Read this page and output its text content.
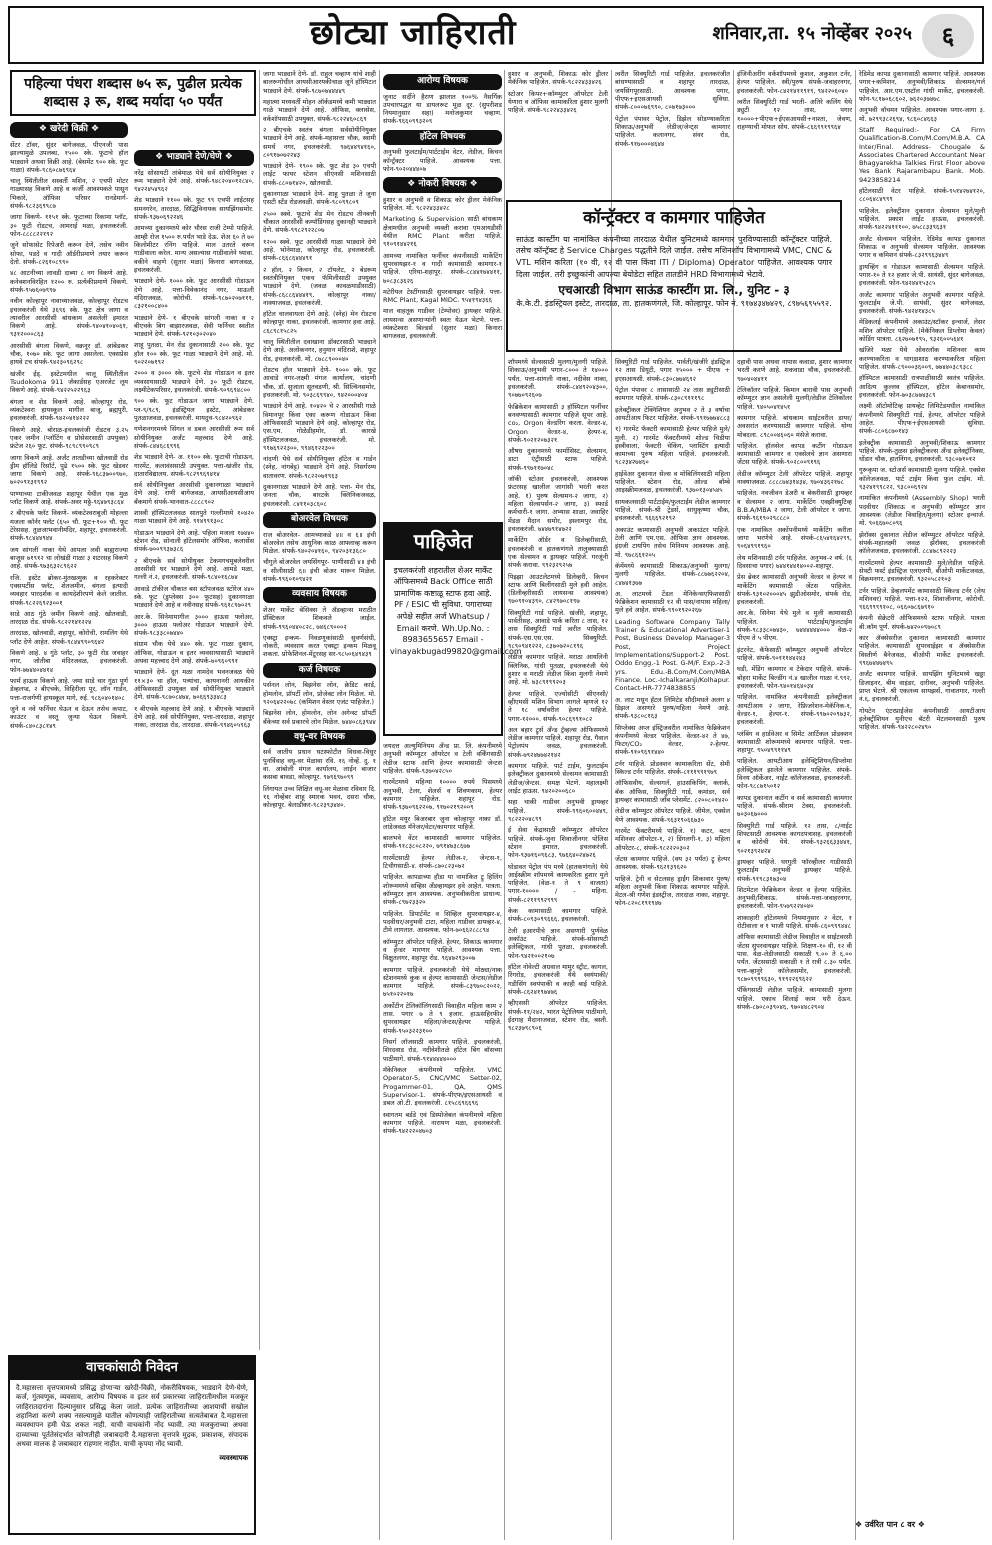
छोट्या जाहिराती	शनिवार,ता. १५ नोव्हेंबर २०२५	६
पहिल्या पंधरा शब्दास ७५ रू, पुढील प्रत्येक शब्दास ३ रू, शब्द मर्यादा ५० पर्यंत
❖ खरेदी विक्री ❖
सेंटर टॉवर, सुंदर बागेजवळ, पीएनजी पास झाल्यामुळे उपलब्ध, १५०० स्के. फूटाचे हॉल भाड्याने अथवा विक्री आहे. (बेसमेंट ९०० स्के. फूट गाळा) संपर्क-९८६०८७६९६४
चालू स्थितीतील सस्वर्ती मशिन, २ एचपी मोटर गाळ्यासह विकणे आहे व कर्जी आवश्यकते पासून भिकारे, ऑफिस परिसर रानडेमार्ग-संपर्क-९८२३६९९८७
जागा विकणे- ११५१ स्के. फूटाच्या रिकामा प्लॉट, ३० फूटी रोडटच, आमराई मळा, इचलकरंजी. फोन-८८८८२२१९२
जुने सोफासेट रिपेअरी करून देणे, तसेच नवीन सोफा, पडदे व गादी ऑर्डरीप्रमाणे तयार करून देतो. संपर्क-८२६१०८९९०
४८ आटनीच्या लावडी दाब्या ८ नग विकणे आहे. कनेक्शनविरहित १२०० रु. प्रत्येकीप्रमाणे विकणे. संपर्क-९५७६०७९९७
नवीन कोल्हापूर नावाच्याजवळ, कोल्हापूर रोडटच इचलकरंजी येथे ३६९६ स्के. फूट क्षेत्र जागा व त्यावरील आरसीसी बांधकाम असलेली इमारत विकणे आहे. संपर्क-९४०४१०४०६१, ९३१२०००८६३
आरसीसी बंगला विकणे, वक्रनूर डॉ. आंबेडकर चौक, १०७० स्के. फूट जागा असलेला. एक्सप्रेस हायवे टच संपर्क-९४२३०९६२९८
खंजीर ईड्. इस्टेटमधील चालू स्थितीतील Tsudokoma 911 जॅकार्डसह एअरजेट लूम विकणे आहे. संपर्क-९४२२५२२९६३
बंगला व शेड विकणे आहे. कोल्हापूर रोड, व्यंकटेश्वरा हायस्कूल मागील बाजू, ब्रह्मपुरी, इचलकरंजी. संपर्क-९४२०४१४२२२
विकणे आहे. बोराळ-इचलकरंजी रोडटच ३.२५ एकर जमीन (प्लॉटिंग व प्रोसेसरसाठी उपयुक्त) फ्रंटेज २६० फूट. संपर्क-९८९८९९०९८९
जागा विकणे आहे. अर्जंट तातडीच्या खोतवाडी रोड ड्रीम हॉलिडे रिसॉर्ट, पुढे १५०० स्के. फूट खेडवर जागा विकणे आहे. संपर्क-९६८३७००९७०, ७०२०९१३१९९२
पाण्याच्या टाकीजवळ शहापूर येथील एक मुळ प्लॉट विकणे आहे. संपर्क-अवर मठ्ठे-९६४७९३८६४
२ बीएचके फ्लॅट विकणे- व्यंकटेश्वराबुजी मोहल्ला मजला कॉर्नर फ्लॅट (६५० चौ. फूट+१०० चौ. फूट टेरेससह. तुळजाभवानीमंदिर, शहापूर, इचलकरंजी. संपर्क-९८४४४९४४
जय सांगली नाका येथे आपला लवी बाह्यराज्या बाजूस ७१९१२ चा लोखंडी गाळा ३ शटरसह विकणे आहे. संपर्क-९७३६३२८९६२२
रजि. इस्टेट ब्रोकर-मुंतखत्मुक व रहकरेक्टर एक्सपर्टीस फ्लॅट, शेतजमीन, बंगला इत्यादी व्यवहार पारदर्शक व कायदेशीरपणे केले जातील. संपर्क-९८२२६९२३००१
साडे आठ गुंठे जमीन विकणे आहे. खोतवाडी, तारदाळ रोड. संपर्क-९८२२१४१२२४
तारदाळ, खोतवाडी, शहापूर, कोरोची, रामलिंग येथे प्लॉट देणे आहेत. संपर्क-९८४४९९०९६४२
विकणे आहे. ४ गुंठे प्लॉट, ३० फूटी रोड जवाहर नगर, जोतीबा मंदिरजवळ, इचलकरंजी. फोन-७७४४०४४१४
फार्म हाऊस विकणे आहे. जमा साडे चार गुंठा पूर्ण डेव्हलप्ड, २ बीएचके, विहिरीला पूर, लॉन गार्डन, पत्ता-राजर्गणी हायस्कूल मागे, रुई. ९८६०४०१४०८
जुने व नवे फर्निचर घेऊन व देऊन तसेच कपाट, काउंटर व वस्तू जुन्या घेऊन विकणे. संपर्क-८४०८३८१४९
❖ भाड्याने देणे/घेणे ❖
नरेंद्र सोसायटी तांबेमाळ येथे सर्व सोयीनियुक्त २ रूम भाड्याने देणे आहे. संपर्क-९४८२०४०१२८४०, ९४२२४५४९६२
शेड भाड्याने ११०० स्के. फूट ९९ एचपी लाईटसह समनगरेन, तारदाळ, सिद्धिविनायक सायझिंगसमोर. संपर्क-९३७०६९२२४६
आमच्या दुकानमध्ये कोर चौरस राजी टेम्पो पाहिजे. आम्ही रोज १५०० रु.पर्यंत भाडे देऊ. शेअ ६० ते ७० किलोमीटर रनिंग पाहिजे. माल उतरते वरून गाडीवाला करेल. मान्य असल्यास गाडीवालेने घ्यावा. वकीने वाहणे (सुतार मळा) किनारा बागजवळ, इचलकरंजी.
भाड्याने देणे- १००० स्के. फूट आरसीसी गोडाऊन देणे आहे. पत्ता-विवेकानंद नगर, माऊली मंदिराजवळ, कोरोची. संपर्क-९८७०२०७१११, ८३२१००८४००
भाड्याने देणे- १ बीएचके सांगली नाका व २ बीएचके बिग बाझारजवळ, सेवी फर्निचर स्वतीत भाड्याने देणे. संपर्क-९२१०३०२०४०
शाहू पुतळा, मेन रोड दुकानासाठी २०० स्के. फूट हॉल १०० स्के. फूट गाळा भाड्याने देणे आहे. मो. ९०२२०७१९२
२००० व ३००० स्के. फूटचे शेड गोडाऊन व इतर व्यवसायासाठी भाड्याने देणे. ३० फूटी रोडटच, लक्ष्मीटेकपरिसर, इचलकरंजी. संपर्क-९०९६९४८००
९०० स्के. फूट गोडाऊन जागा भाड्याने देणे. प्ल-९/९८९, इंडस्ट्रियल इस्टेट, आंबेडकर पुतळाजवळ, इचलकरंजी. मायदुच-९८४२०९६२
गणेशनगरमध्ये सिंगल व डबल आरसीसी रूम सर्व सोयीनियुक्त अर्जंट महत्त्वाद देणे आहे. संपर्क-८४४६८६९९६
शेड भाड्याने देणे- अ. ११०० स्के. फूटाची गोडाऊन, गारमेंट, कलावंससाठी उपयुक्त. पत्ता-खंजीर रोड, दातारविद्यालय. संपर्क-९८२९९६९४१४
सर्व सोयीनियुक्त आरसीसी दुकानगाळा भाड्याने देणे आहे. राणी बागेजवळ, आयसीआयसीआय बँकमागे संपर्क-भानवात-८८८८९०२
शास्त्री हॉस्पिटलजवळ सातपुते गल्लीमध्ये १०४२० गाळा भाड्याने देणे आहे. ९१४९९१३०८
गोडाऊन भाड्याने देणे आहे. पहिला मजला १७४४० स्टेशन रोड, सोनाली हॉटेलसमोर ऑफिस, कलासेंस संपर्क-७००९९३७३८६
२ बीएचके सर्व सोयीयुक्त टेकमगचमुबलेवरील आरसीसी घर भाड्याने देणे आहे. आमडे मळा, गल्ली नं.२, इचलकरंजी. संपर्क-९८४०१६८७४
आवाडे टॉकीज चौकात बस स्टॉपजवळ स्टोरेज ४४० स्के. फूट (डुप्लेक्स ३०० फूटसह) दुकानगाळा भाड्याने देणे आहे व नवीनसह संपर्क-९६१८९७०२९
आर.के. सिनेमामागील ३००० हाऊस फ्लोअर, ३००० हाऊस फ्लोअर गोडाऊन भाड्याने देणे. संपर्क-९८३३८०७४४०
संग्राम चौक येथे ४४० स्के. फूट गाळा दुकान, ऑफिस, गोडाऊन व इतर व्यवसायासाठी भाड्याने अथवा महत्त्वाद देणे आहे. संपर्क-७०९६०९९१
भाड्याने देणे- दूत मळा नामदेव भवनजवळ येथे ११×३० चा हॉल, पत्र्यांचा, कायनानरी आयकीन ऑफिससाठी उपयुक्त सर्व सोयीनियुक्त भाड्याने देणे. संपर्क-९८७०८४७४, ७०६६९३३४८३
१ बीएचके महत्त्वाद देणे आहे. १ बीएचके भाड्याने देणे आहे. सर्व सोयीनियुक्त, पत्ता-तारदाळ, शहापूर नाका, तारदाळ रोड, तारदाळ. संपर्क-९९४६०५९६३
जागा भाड्याने देणे- डॉ. राहुल चव्हाण यांचे शाही बालरूगोधील आयसीआरयकीचाळ जूने हॉस्पिटल भाड्याने देणे. संपर्क-९८७०७४४४४९
महात्मा मध्यवर्ती मोहन ऑर्कडमध्ये कमी भाड्यात गाळे भाड्याने देणे आहे. ऑफिस, क्लासेस, वर्कशॉपसाठी उपयुक्त. संपर्क-९८२२४६०८६९
२ बीएचके स्वतंत्र बंगला सर्वसोयीनियुक्त भाड्याने देणे आहे. संपर्क-महासत्ता चौक, स्वामी समर्थ नगर, इचलकरंजी. ९७६४४९४१६०, ८०९१७०७२२४३
भाड्याने देणे- १९०० स्के. फूट शेड ३० एचपी लाईट फायर स्टेशन सीएनसी मशिनसाठी संपर्क-८८०७१४२०, खोतवाडी.
दुकानगाळा भाड्याने देणे- शाहू पुतळा ते जुना एसटी स्टॅंड रोडजवळी. संपर्क-९८०९९८०९
२५०० स्क्वे. फूटाचे शेड मेन रोडटच तीनबत्ती चौकात आरसीसी कम्पॉडिंगसह दुकानही भाड्याने देणे. संपर्क-९९८२९२२८०७
१२०० स्क्वे. फूट आरसीसी गाळा भाड्याने देणे आहे. भोनेमाळ, कोल्हापूर रोड, इचलकरंजी. संपर्क-८६६८६४४४९१
२ हॉल, २ किचन, २ टॉयलेट, २ बेडरूम स्वतंत्रीनियुक्त एकच फॅमिलीसाठी उपयुक्त भाड्याने देणे. (जवळ कावळमाडीसाठी) संपर्क-८६८८६४४४१९, कोल्हापूर नाका/नाक्याजवळ, इचलकरंजी.
हॉटेल चालवायला देणे आहे. (स्नेह) मेन रोडटच कोल्हापूर नाका, इचलकरंजी. कामगार हवा आहे. ८६८९८१५८२५
चालू स्थितीतील दवाखाना डॉक्टरसाठी भाड्याने देणे आहे. अलोकनगर, हनुमान मंदिराशे, शहापूर रोड, इचलकरंजी. मो. ८७८८९०००४०
रोडटच हॉल भाड्याने देणे- १००० स्के. फूट आवाडे नगर-लक्ष्मी मंगल कार्यालय, चांदणी चौक, डॉ. सुजाता सूतवडणी, श्री. सिल्विनसमोर, इचलकरंजी. मो. ९०३८६९९४०, ९४२०००४०४
भाड्याने देणे आहे. १०४२० चे २ आरसीसी गाळे विमानपूर किंवा एका करूण गोडाऊन किंवा ऑफिससाठी भाड्याने देणे आहे. कोल्हापूर रोड, एस.एम. गोळेडीहमोर, डॉ. कारखे हॉस्पिटलजवळ, इचलकरंजी. मो. ९१७६९२२३००, ९९४६१२२३००
नांदणी येथे सर्व सोयीनियुक्त हॉटेल व गार्डन (स्नेह, नांगबेट्ट) भाड्याने देणे आहे. निसर्गरम्य वातावरण. संपर्क-९८२२०७१९६३
दुकानगाळा भाड्याने देणे आहे. पत्ता- मेन रोड, जनता चौक, बारटके क्लिनिकजवळ, इचलकरंजी. ८४११०३८६०८
बोअरवेल विषयक
राज बोअरवेल- आमच्याकडे ४॥ व ६॥ इंची बोअरवेल तसेच आधुनिक काळ आफ्लाव्ह करून मिळेल. संपर्क-९४०२०४१६०, ९४२०३१३६८०
चौगुले बोअरवेल जयसिंगपूर- पाणीसाठी ४॥ इंची व सीलीसाठी ६॥ इंची बोअर मारून मिळेल. संपर्क-९९६०१०९४२१
व्यवसाय विषयक
शेअर मार्केट बेसिक्स ते ॲडव्हान्स मराठीत प्रॅक्टिकल शिकवले जाईल. संपर्क-९९६०४४०८२८, ७४६८९०००२
एक्स्ट्रा इन्कम- निवडणूकांसाठी सुवर्णसंधी, नोकरी, व्यवसाय करत एक्स्ट्रा इन्कम मिळवू शकता. प्रोफेशिनल-मेंटूरसह सर-९८५०६४९४३९
कर्ज विषयक
पर्सनल लोन, बिझनेस लोन, क्रेडिट कार्ड, होमलोन, प्रॉपर्टी लोन, प्रोजेक्ट लोन मिळेल. मो. ९२०६४२२०७८ (कमिशन वेस्तर एजंट पाहिजेत.)
बिझनेस लोन, होमलोन, लोन अगेन्स्ट प्रॉपर्टी बँकेच्या सर्व प्रकारचे लोन मिळेल. ७४४०८६३९४४
वधु-वर विषयक
सर्व जातीय प्रधान घटस्फोटीत विधवा-विधुर पुनर्विवाह वधू-वर मेळावा रवि. १६ नोव्हें. दु. १ वा. आंबोली मंगल कार्यालय, लाईन बाजार कसबा बावडा, कोल्हापूर. ९७९६९७०९९
लिंगायत उच्च शिक्षित वधू-वर मेळावा रविवार दि. १६ नोव्हेंबर शाहू स्मारक भवन, दसरा चौक, कोल्हापूर. बेलाडीकर-९८२३९३४४०.
आरोग्य विषयक
जुनाट सर्दीने हैराण झालात १००% नैसर्गिक उपचारपद्धत या डायलरूट मूळ दूर. (सुपरीशड नियमानुसार सहा) मनोजकुमार चव्हाण. संपर्क-९६६०९९३२०९
हॉटेल विषयक
अनुभवी फुलटाईम/पार्टटाईम वेटर, लेडीज, किचन कॉन्ट्रॅक्टर पाहिजे. आवश्यक पत्ता. फोन-९०२०४४४०७
❖ नोकरी विषयक ❖
हुशार व अनुभवी व शिकाऊ कोर ड्रीलर मेकॅनिक पाहिजेत. मो. ९८२२४३३४२८
Marketing & Supervision साठी बांधकाम क्षेत्रामधील अनुभवी व्यक्ती करावा एमआयडीसी येथील RMC Plant करीता पाहिजे. ९१०९१४४२१६
आमच्या नामांकित फर्नीचर कंपनीसाठी मार्केटिंग सुपरवायझर-१ व गादी कामासाठी कामगार-१ पाहिजे. एरिया-शहापूर. संपर्क-८८४४१७४४११, ७०८३८३६२६
मटेरीयल टेस्टींगसाठी सुपरवायझर पाहिजे. पत्ता-RMC Plant, Kagal MIDC. ९५४१९४३६६
माल वाहतूक गाडीवर (टेम्पोवर) ड्रायव्हर पाहिजे. लायसन्स असणाऱ्यांनी स्वतः येऊन भेटणे. पत्ता-व्यंकटेश्वरा बिल्डर्स (सुतार मळा) किनारा बागजवळ, इचलकरंजी.
पाहिजेत

इचलकरंजी शहरातील शेअर मार्केट ऑफिसमध्ये Back Office साठी प्रामाणिक कष्टाळू स्टाफ हवा आहे. PF / ESIC ची सुविधा. पगाराच्या अपेक्षे सहीत अर्ज Whatsup / Email करणे. Wh.Up.No. : 8983655657 Email - vinayakbugad99820@gmail.com

जयदत्त अल्युमिनियम अँन्ड प्रा. लि. कंपनीमध्ये अनुभवी कॉम्प्युटर ऑपरेटर व टेली वर्किंगसाठी लेडीज स्टाफ आणि हेल्पर कामासाठी जेन्टस पाहिजेत. संपर्क-९३७०४२८५०
गारमेंटमध्ये महिन्या १०००० रुपये पिसमध्ये अनुभवी, टेलर, शेलर्स व शिवणकाम, हेल्पर कामगार पाहिजेत. शहापूर रोड. संपर्क-९३७०९६२२०७, ९१७०२१९२००९
हॉटेल मयूर बिअरबार जुना कोल्हापूर नाका डॉ. लांडेजवळ मॅनेजर/वेटर/कामगार पाहिजे.
बालभवे वेंटर कामासाठी कामगार पाहिजेत. संपर्क-९१८३८०८२२०, ७९१४७३८६७७
गारमेंटसाठी हेल्पर लेडीज-२, जेन्टस-१, टिचीगसाठी-४. संपर्क-८७०८२३०७२
पाहिजेत. कापडाच्या हौडा या नामांकित ट्रू हिलिंग शोरूममध्ये सव्हिस अँडव्हायझर हवे आहेत. पात्रता. कॉम्प्युटर ज्ञान आवश्यक. अनुभवीकरीता प्राधान्य. संपर्क-८९७२३३२०
पाहिजेत. डिपार्टमेंट व सिव्हिल सुपरवायझर-४, पदवीधर/अनुभवी टाटा, महिला गाडीवर डायव्हर-४, टीमे लागतात. आवश्यक. फोन-७०६६२८८८९४
कॉम्प्युटर ऑपरेटर पाहिजे. हेल्पर, शिकाऊ कामगार व हेंन्डर मारणार पाहिजे. आवश्यक पत्ता. विक्षुतलगर, शहापूर रोड. ९६४७२९३००७
कामगार पाहिजे. इचलकरंजी येथे मोठ्या/नाक स्टेशनमध्ये कुक व हेल्पर कामासाठी जेन्टस/लेडीज कामगार पाहिजे. संपर्क-८३९७०८२०२२, ७५१०२२०१७
अर्कोटीन टेलिकॉलिंगसाठी विवाहीत महिला काम २ तास. पगार ७ ते ९ हजार. हाऊसहिरफीर सुपरवायझर महिला/जेन्टस/हेल्पर पाहिजे. संपर्क-९५०३२२३१००
निसर्ग लॉजसाठी कामगार पाहिजे. इचलकरंजी, शिरदवाड रोड, नदीवेशीतळे हॉटेल बिंग बॉसच्या पाठीमागे. संपर्क-९१४४४४४०००
मॅकेनिकल कंपनीमध्ये पाहिजेत. VMC Operator-5, CNC/VMC Setter-02, Progammer-01, QA, QMS Supervisor-1. संपर्क-पीएफ/इएसआयसी व डबल ओ.टी. इचलकरंजी. ८१५८६९६६९६
स्वागतम बर्डडे एवं डिस्पोजेबल कंपनीमध्ये महिला कामगार पाहिजे. नारायण मळा, इचलकरंजी. संपर्क-९४२२२०४७०३
कॉन्ट्रॅक्टर व कामगार पाहिजेत

साऊंड कास्टींग या नामांकित कंपनीच्या तारदाळ येथील युनिटमध्ये कामगार पुरविण्यासाठी कॉन्ट्रॅक्टर पाहिजे. तसेच कॉन्ट्रॅक्ट हे Service Charges पद्धतीने दिले जाईल. तसेच मशिनशॉप विभागामध्ये VMC, CNC & VTL मशिन करिता (१० वी, १२ वी पास किंवा ITI / Diploma) Operator पाहिजेत. आवश्यक पगार दिला जाईल. तरी इच्छुकांनी आपल्या बेयोडेटा सहित तातडीने HRD विभागामध्ये भेटावे.

एचआरडी विभाग साऊंड कास्टींग प्रा. लि., युनिट - ३

के.के.टी. इंडस्ट्रियल इस्टेट, तारदाळ, ता. हातकणंगले, जि. कोल्हापूर. फोन नं. ९१७४३४७४२९, ८९७५६९५५९२.

हुशार व अनुभवी, शिकाऊ कोर ड्रीलर मेकॅनिक पाहिजेत. संपर्क-९८२२४३३४२६
स्टोअर किपर+कॉम्प्युटर ऑपरेटर टेली येणारा व ऑफिस कामाकरिता हुशार मुलगी पाहिजे. संपर्क-९८२२४३३४२६
शॉपमध्ये सेल्ससाठी मुलगा/मुलगी पाहिजे. शिकाऊ/अनुभवी पगार-८००० ते १४००० पर्यंत. पत्ता-सांगली नाका, नदीवेस नाका, इचलकरंजी. संपर्क-८४४९२०४३००, ९०७७०९२६०७
फेब्रिकेशन कामासाठी ३ हॉस्पिटल फर्नीचर बनवण्यासाठी कामगार पाहिजे सूपर आहे. co₂, Orgon वेल्डरिंग करता. वेल्डर-४, Orgon वेल्डर-४, हेल्पर-४, संपर्क-९०२१२०७३२१
औषध दुकानमध्ये फार्मासिस्ट, सेल्समन, डाटा एंट्रीसाठी स्टाफ पाहिजे. संपर्क-९९७११७०४८
जॉकी स्टोअर इचलकरंजी, आवश्यक फ्रंटरसह खालील जागांसी भरती करत आहे. १) पुरुष सेल्समन-२ जागा, २) महिला सेल्सपर्सन-२ जागा, ३) स्फार्ड कर्मचारी-१ जागा. अभ्यास शाळा, जवाहिर मेंडळ मैदान समोर, इस्लामपुर रोड, इचलकरंजी. ७४४७९१४७२२
मार्केटिंग ऑर्डर व डिलेव्हरीसाठी, इचलकरंजी व हातकणंगले तालुक्यासाठी एक सेल्समन व ड्रायव्हर पाहिजे. गरजूंनी संपर्क करावा. ९९२३२९२५७
पिझ्झा आउटलेटमध्ये डिलेव्हरी, किचन स्टाफ आणि बिलींगसाठी मुले हवी आहेत. (डिलीव्हरीसाठी लायसन्स आवश्यक) ९७०९१०४३९०, ८४२९७०८१९७
सिक्युरिटी गार्ड पाहिजे. खंजीरे, शहापूर, पार्वतीसह, आवाडे पार्क करिता ८ तास, १२ तास सिक्युरिटी गार्ड त्वरीत पाहिजेत. संपर्क-एस.एस.एस. सिक्युरिटी. ९८९०९४१२२२, ८३७०७२०८१९६
लेडीज कामगार पाहिजे. मराठा आयलिनी क्लिनिक, गांधी पुतळा, इचलकरंजी येथे हुशार व मराठी लेडीज किंवा मुलगी नेमणे आहे. मो. ७३८९१९९२०३
हेल्पर पाहिजे. एज्योसीटी सीएनसी/व्हीएमसी मशिन विभाग लागले म्हणजे १२ ते १८ वर्षावरील हेल्पर पाहिजे. पगार-१२०००. संपर्क-९०८६९९१०८२
अल बहार ट्रुर्स अँन्ड ट्रॅव्हल्स ऑफिसमध्ये लेडीज कामगार पाहिजे. शहापूर रोड, गैवाल पेट्रोलपंप जवळ, इचलकरंजी. संपर्क-७९२४७७४२१४२
कामगार पाहिजे. पार्ट टाईम, फुलटाईम इलेक्ट्रीकल दुकानमध्ये सेल्समन कामासाठी लेडीज/जेन्टस. समक्ष भेटणे. महालक्ष्मी लाईट हाऊस. ९४२०२००६८०
सहा चाकी गाडीवर अनुभवी ड्रायव्हर पाहिजे. संपर्क-९९६०६००४४९, ९८२२२०४८९९
ई सेवा केंद्रासाठी कॉम्प्युटर ऑपरेटर पाहिजे. संपर्क-जुना शिवाजीनगर पोलिस स्टेशन इमारत, इचलकरंजी. फोन-९३७१६०९६८३, ९७६६४०२४७२६
घोडावत पेट्रोल पंप मध्ये (हातकणंगले) येथे आईस्क्रीम शॉपमध्ये कामकरिता हुशार मुले पाहिजेत. (वेळ-१ ते ९ वाजता) पगार-१०००० / - महिना. संपर्क-८२११९९२९९९
केक कामासाठी कामगार पाहिजे. संपर्क-८०९३०९९६६६, इचलकरंजी.
टेली इआरपीचे ज्ञान असणारी पुर्णवेळ अकॉउंट पाहिजे. संपर्क-सोसायटी इलेक्ट्रिकल, गांधी पुतळा, इचलकरंजी. फोन-९४२१००२१०७
हॉटेल नोवेल्टी अग्रवाल मामुर स्ट्रीट, कागल, रिंगरोड, इचलकरंजी येथे स्वयंपाकी/गडीसिंग स्वयंपाकी व काही बाई पाहिजे. संपर्क-८६२४१९७४७६
व्हीएससी ऑपरेटर पाहिजेत. संपर्क-११/२४२, भारत पेट्रोलियम पाठीमागे, ईदगाह मैदानाजवळ, स्टेशन रोड, बस्ती. ९८२३७९८९०६
त्वरीत सिक्युरिटी गार्ड पाहिजेत. इचलकरंजीत बांधण्यासाठी व शहापूर तारदाळ, जयसिंगपूरसाठी. आवश्यक पगार, पीएफ+इएसआयसी सुविधा. संपर्क-८०००७६९९०, ८०७१७३०००
पेट्रोल पंपावर पेट्रोल, डिझेल सोडण्याकरिता शिकाऊ/अनुभवी लेडीज/जेन्ट्स कामगार पाहिजेत. कलानगर, संवर रोड, संपर्क-९१७०००४६४४
सिक्युरिटी गार्ड पाहिजेत. पार्वती/खंजीरे इंडस्ट्रिज १२ तास डियूटी, पगार १५००० + पीएफ + इएसआयसी. संपर्क-८३०८७७४६९२
पेट्रोल पंपावर ८ तासासाठी २४ तास ड्युटीसाठी कामगार पाहिजे. संपर्क-८३०८९१११९८
इलेक्ट्रीकल टेक्निशियन अनुभव २ ते ३ वर्षाचा आयटीआय फिटर पाहिजेत. संपर्क-९९१७७७४८८३
१) गारमेंट फॅक्टरी कामासाठी हेल्पर पाहिजे मुले/मुली. २) गारमेंट फॅक्टरीमध्ये शोल्ड चिडीया इस्त्रीवाला, फेक्टरी चेकिंग, प्लास्टिंग इत्यादी कामाच्या पुरुष महिला पाहिजे. इचलकरंजी. ९८२३४२७४६०
हाईवेअर दुकानात सेल्स व मोबिलिंगसाठी महिला पाहिजेत. स्टेशन रोड, ओल्ड बॉम्बे आइस्क्रीमजवळ, इचलकरंजी. ९३७०१३०४५४५
सायकलसाठी पार्टटाईम/फुलटाईम लेडीज कामगार पाहिजे. संपर्क-श्री ट्रेडर्स, साधुकृष्णा चौक, इचलकरंजी. ९६६६९२१९२
अकाउंट कामासाठी अनुभवी अकाउंटर पाहिजे. टेली आणि एम.एस. ऑफिस ज्ञान आवश्यक. इंग्रजी टायपिंग तसेच मिनिमम आवश्यक आहे. मो. ९७८६६१२०५
कॅमेंमध्ये कामासाठी शिकाऊ/अनुभवी मुलगा/मुलगी पाहिजेत. संपर्क-८८७७६२२०४, ८४७४१३७७
अ. लाटमध्ये टेंडल मेनिकेन्सएफिशसाठी फेब्रिकेशन कामासाठी १२ वी पास/नापास महिला/मुले हवे आहेत. संपर्क-९९०१९२०२६७
Leading Software Company Tally Trainer & Educational Advertiser-1 Post, Business Develop Manager-3 Post, Project Implementations/Support-2 Post. Oddo Engg.-1 Post. G-M/F. Exp.-2-3 yrs. Edu.-B.Com/M.Com/MBA Finance. Loc.-Ichalkaranji/Kolhapur. Contact-HR-7774838855
अ. लाट मधून हॅटल लिमिटेड सौदीमधले अलग ४ डिझल असणारे पुरुष/महिला नेमणे आहे. संपर्क-९३८०८१६३
सिप्लेक्स अप्ल इंस्ट्रिजवरील नामांकित फेब्रिकेशन कंपनीमध्ये वेल्डर पाहिजेत. वेल्डर-४२ ते ४७, फिटर/CO₂ वेल्डर, २-हेल्पर. संपर्क-९१०९६९१४४०
टर्नर पाहिजे. प्रोडक्शन कामाकरिता सेंट, सेमी स्किल्ड टर्नर पाहिजेत. संपर्क-८१११९९१९७९
ऑफिसवीय, सेल्सगर्ल, हाउसकिपिंग, क्लार्क, बॅक ऑफिस, सिक्युरिटी गार्ड, कमांडर, सर्व ड्रायव्हर कामासाठी जाँब प्लेसमेंट. ८२००८०१४२०
लेडीज कॉम्प्युटर ऑपरेटर पाहिजे. जीमेल, एक्सेल येणे आवश्यक. संपर्क-९६३१९०६६७३०
गारमेंट फॅक्टरीमध्ये पाहिजे. १) कटर, बटन मशिनवर ऑपरेटर-१, २) डिंगलगी-१, ३) महिला ऑपरेटर-८, संपर्क-९८२२२०३०२
जेंटस कामगार पाहिजे. (वय ३२ पर्यंत) ट्रू हेल्पर आवश्यक. संपर्क-९६२१३९६२०
पाहिजे. ट्रेनी व सेटलसह ड्राईंग शिकावार पुरुष/महिला अनुभवी किंवा शिकाऊ कामगार पाहिजे. मेटल-श्री गणेश इंडस्ट्रीज, तारदाळ नाका, शहापूर. फोन-८२०८१९१९४७
इंजिनीअरींग वर्कशॉपमध्ये कुशल, अकुशल टर्नर, हेल्पर पाहिजेत. स्त्री/पुरुष संपर्क-जवाहरनगर, इचलकरंजी. फोन-८४२१४११९१९, ९४२२०६०४०
त्वरीत सिक्युरिटी गार्ड भरती- अतिरे कलिंग येथे ड्युटी १२ तास, पगार १००००+पीएफ+ईएसआयसी+नाश्ता, जेवण, राहण्याची मोफत सोय. संपर्क-८६६९९१९९६४
दहावी पास अथवा नापास कवाडा, हुशार कामगार भरती करणे आहे. शकवाडा चौक, इचलकरंजी. ९७०४०४४११
टेलिकॉलर पाहिजे. किमान बारावी पास अनुभवी कॉम्प्युटर ज्ञान असलेली मुलगी/लेडीज टेलिकॉलर पाहिजे. ९४०५०४१४५१
कामगार पाहिजे. बांधकाम साईटवरील डायर/अवसरांत करण्यासाठी कामगार पाहिजे. योग्य मोबदला. ८९८००४६०६० मंसेजे करावा.
पाहिजेत. हॉलसेल कापड कटींग गोडाऊन कामासाठी कामगार व एक्सेलचे ज्ञान असणारा जेंटस पाहिजे. संपर्क-९०२८००९१९६
लेडीज कॉम्प्युटर टेली ऑपरेटर पाहिजे. शहापूर नाक्याजवळ. ८८८८७४३१४३४, ९७०४३६२१७८
पाहिजेत. नवजीवन डेअरी व बेकरीसाठी ड्रायव्हर व सेल्समन २ जागा. मार्केटिंग एक्झीक्युटिव्ह B.B.A/MBA २ जागा, टेली ऑपरेटर १ जागा. संपर्क-९६१९०२९८८८०
एक नामांकित अकोंपनीमध्ये मार्केटिंग करीता जागा भरणेचे आहे. संपर्क-८६५४१६४२९९, ९०६४९९१९६०
लेथ मशिनसाठी टर्नर पाहिजेत. अनुभव-२ वर्ष. (६ दिवसाचा पगार) ७४४१४४१४००२-शहापूर.
प्रेस ब्रेकर कामासाठी अनुभवी वेल्डर व हेल्पर व मार्केटिंग कामासाठी जेंटस पाहिजेत. संपर्क-९३१०२०००४५ झुडीओसमोर, संपर्क रोड, इचलकरंजी.
आर.के. सिनेमा येथे मुले व मुली कामासाठी पाहिजेत. पार्टटाईम/फुलटाईम संपर्क-९८३३८०७४३०, ७४४४४४४००० वेळ-२ पीएम ते ५ पीएम.
इंटरनेट, कॅफेसाठी कॉम्प्युटर अनुभवी ऑपरेटर पाहिजे. संपर्क-९०१११४४२४३
घडी, मेंडिंग कामगार व टेकेदार पाहिजे. संपर्क-बोहरा मार्केट बिल्डींग नं.४ खालील गाळा नं.९९२, इचलकरंजी. फोन-९४०१४६४०३४
पाहिजेत. नामांकित कंपनीसाठी इलेक्ट्रीकल आयटीआय २ जागा, रेफ्रिजरेशन-मेकॅनिक-१, वेल्डर-१, हेल्पर-१. संपर्क-९९७०२०९७३२, इचलकरंजी.
प्लंबिंग व हार्डवेअर व सिमेंट आर्टिकल प्रोडक्शन कामासाठी शोरूममध्ये कामगार पाहिजे. पत्ता-शहापूर. ९५०४९९११४९
पाहिजेत. आयटीआय इलेक्ट्रिशियन/डिप्लोमा इलेक्ट्रिकल झालेले कामगार पाहिजेत. संपर्क-विनय ऑर्केअर, नाईट कॉलेजजवळ, इचलकरंजी. फोन-९८८७१५०१२
कापड दुकानात कटींग व सर्व कामासाठी कामगार पाहिजे. संपर्क-श्रीराम टेक्स, इचलकरंजी. ७०३०६७०००
सिक्युरिटी गार्ड पाहिजे. १२ तास, ८/नाईट शिफ्टसाठी आवश्यक कागदपत्रासह. इचलकरंजी व कोरोची येथे. संपर्क-९३२६६३३४४१, ९०२१३९२४२४
ड्रायव्हर पाहिजे. घरगुती फॉरव्हीलर गाडीसाठी फुलटाईम अनुभवी ड्रायव्हर पाहिजे. संपर्क-९१९८३१७३०४
शिटमेटल फेब्रिकेशन वेल्डर व हेल्पर पाहिजेत. अनुभवी/शिकाऊ. संपर्क-पत्ता-जवाहरनगर, इचलकरंजी. फोन-९५७९२२४०४०
शाकाहारी हॉटेलमध्ये नियमानुसार २ वेटर, १ रोटीवाला व १ भाजी पाहिजे. संपर्क-८६०९९९४४८
ऑफिस कामासाठी लेडीज विवाहीत व साईटवरसी जेंटस सुपरवायझर पाहिजे. शिक्षण-१० वी, १२ वी पास. वेळ-लेडीजसाठी सकाळी ९.०० ते ६.०० पर्यंत. जेंटससाठी सकाळी १ ते रात्री ८.३० पर्यंत. पत्ता-व्हानुरे कॉलेजसमोर, इचलकरंजी. ९८७०९९९९६३०, ९१९२२६९६२२
पॅकिंगसाठी लेडीज पाहिजे. कामासाठी मुलगा पाहिजे. एकाच शिलाई काम घरी देऊन. संपर्क-८७०८०३९०४६, ९७०४४८२९०४
रेडिमेड कापड दुकानासाठी कामगार पाहिजे. आवश्यक पगार+कमिशन, अनुभवी/शिकाऊ सेल्समन/गर्ल पाहिजेत. आर.एम.एस्टॉल गांधी मार्केट, इचलकरंजी. फोन-९८१७०६८६०२, ७६२०३७४७८
अनुभवी वॉचमन पाहिजेत. आवश्यक पगार-जागा ३. मो. ७२९९३८२६९४, ९८६०८४६६३
Staff Required:- For CA Firm Qualification-B.Com/M.Com/M.B.A. CA Inter/Final. Address- Chougale & Associates Chartered Accountant Near Bhagyarekha Talkies First Floor above Yes Bank Rajarambapu Bank. Mob. 9423858214
हॉटेलसाठी वेटर पाहिजे. संपर्क-९५१४२७४१२०, ८८०६४८४९९९
पाहिजेत. इलेक्ट्रीशन दुकानात सेल्समन मुले/मुली पाहिजेत. प्रकाश लाईट हाऊस, इचलकरंजी. संपर्क-९४२२४१११००, ७५८८३३९६३१
अर्जंट सेल्समन पाहिजेत. रेडिमेड कापड दुकानात शिकाऊ व अनुभवी सेल्समन पाहिजेत. आवश्यक पगार व कमिशन संपर्क-८३२९९६३४४९
ड्रायव्हिंग व गोडाऊन कामासाठी सेल्समन पाहिजे. पगार-१० ते १२ हजार जे.पी. सायंसी, सुंदर बागेजवळ, इचलकरंजी. फोन-९४२४४१५३८५
अर्जंट कामगार पाहिजेत अनुभवी कामगार पाहिजे. फुलटाईम जे.पी. सायंसी, सुंदर बागेजवळ, इचलकरंजी. संपर्क-९४२४१४३८५
मेडिकलई कंपनीमध्ये अकाउंट/स्टॉकर इन्चार्ज, लेसर मशिन ऑपरेटर पाहिजे. (मेकॅनिकल डिप्लोमा केवल) कोडिंग पात्रता. ८६२७०७१९५, ९३२६००५६४१
खंजिरे मळा येथे ओवरलॉक मशिनवर काम करण्याकरिता व घागडाशाठ करण्याकरिता महिला पाहिजेत. संपर्क-८९०००३६००९, ७७४४०३८९३८८
हॉस्पिटल कामासाठी रात्रपाळीसाठी स्वतंत्र पाहिजेत. आदित्य कुल्लव हॉस्पिटल, हॉटेल केबानसमोर, इचलकरंजी. फोन-७०३८७७४३८९
लक्ष्मी ऑटोमोटिव्ह प्रायव्हेट लिमिटेडमधील नामांकित कंपनीमध्ये सिक्युरिटी गार्ड, हेल्पर, ऑपरेटर पाहिजे आहेत. पीएफ+ईएसआयसी सुविधा. संपर्क-८८०६८७०१४३
इलेक्ट्रीक कामासाठी अनुभवी/शिकाऊ कामगार पाहिजे. संपर्क-तुळस इलेक्ट्रीकल्स अँन्ड इलेक्ट्रॉनिक्स, धोंडार चौक, हातनिंगन, इचलकरंजी. ९३८०७१०१२
गुरूकृपा ज. स्टोअर्स कामासाठी मुलगा पाहिजे. एक्सेस कॉलेजजवळ, पार्ट टाईम किंवा फुल टाईम. मो. ९३२४१९९८२२, ९३८००६९२४
नामांकित कंपनीमध्ये (Assembly Shop) भरती पदवीधर (शिकाऊ व अनुभवी) कॉम्प्युटर ज्ञान आवश्यक (लेडीज विवाहित/मुलगा) स्टोअर इन्चार्ज. मो. ९०६६७०८०९६
झेरॉक्स दुकानात लेडीज कॉम्प्युटर ऑपरेटर पाहिजे. संपर्क-महालक्ष्मी जवळ झेरॉक्स, इचलकरंजी कॉलेजजवळ, इचलकरंजी. ८८४७८९२२२३
गारमेंटमध्ये हेल्पर कामासाठी मुले/लेडीज पाहिजे. सेफ्टी फर्स्ट इंडस्ट्रिज एलएलपी, बीओपी मार्केटजवळ, विक्रमनगर, इचलकरंजी. ९३२०५८२१०३
टर्नर पाहिजे. डेव्हलपमेंट कामासाठी स्किल्ड टर्नर (लेथ मशिनवर) पाहिजे. पत्ता-१२२, शिवाजीनगर, कोरोची. ९६६९९९९१०८, ०६६०७८६७९१०
कंपनी सेक्रेटरी ऑफिसमध्ये स्टाफ पाहिजे. पात्रता बी.कॉम पूर्ण. संपर्क-७४२००९७०८९
कार ॲक्सेसरीज दुकानात कामासाठी कामगार पाहिजेत. कामासाठी सुपरवाईझर व ॲक्सेसरीज विस्तीर्ण बैनेजवळ, बीओपी मार्केट इचलकरंजी. ९९६७४४७४९५
अर्जंट कामगार पाहिजे. सायझिंग युनिटमध्ये खड्डा डिजाइनर, बीम वाइंडर, दारीवर, अनुभवी पाहिजेत. प्राप्त भेटणे. श्री एकलव्य सायझर्स, गावातगार, गल्ली नं.६, इचलकरंजी.
गोयटेन एंटरप्राईजेस कंपनीसाठी आयटीआय इलेक्ट्रीशियन युनीएच बॅटरी मेटलमनसाठी पुरुष पाहिजेत. संपर्क-९४२२८०२४९०
❖ उर्वरित पान ८ वर ❖
वाचकांसाठी निवेदन

दै.महासत्ता वृत्तपत्रामध्ये प्रसिद्ध होणाऱ्या खरेदी-विक्री, नोकरीविषयक, भाड्याने देणे-घेणे, कर्ज, गुंतवणूक, व्यवसाय, आरोग्य विषयक व इतर सर्व प्रकारच्या जाहिरातीमधील मजकूर जाहिरातदारांना दिल्यानुसार प्रसिद्ध केला जातो. प्रत्येक जाहिरातीच्या आशयाची सखोल शहानिशा करणे शक्य नसल्यामुळे यातील कोणत्याही जाहिरातीच्या सत्यतेबाबत दै.महासत्ता व्यवस्थापन हमी घेऊ शकत नाही. याची वाचकांनी नोंद घ्यावी. त्या मजकुराच्या अथवा दाव्याच्या पूर्ततेसंदर्भात कोणतीही जबाबदारी दै.महासत्ता वृत्तपत्रे मुद्रक, प्रकाशक, संपादक अथवा मालक हे जबाबदार राहणार नाहीत. याची कृपया नोंद घ्यावी.

व्यवस्थापक
